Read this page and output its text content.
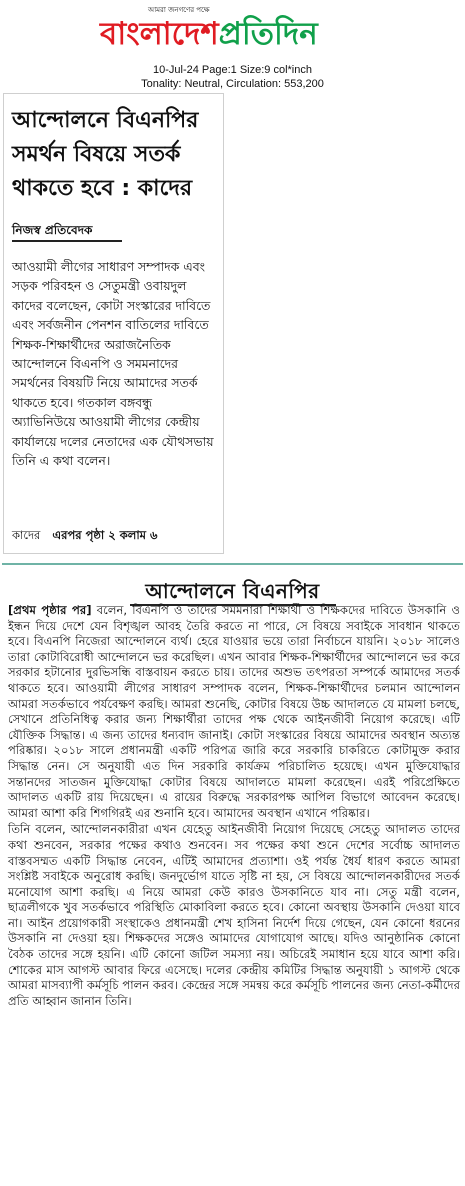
আমরা জনগণের পক্ষে
বাংলাদেশপ্রতিদিন
10-Jul-24 Page:1 Size:9 col*inch
Tonality: Neutral, Circulation: 553,200
আন্দোলনে বিএনপির সমর্থন বিষয়ে সতর্ক থাকতে হবে : কাদের
নিজস্ব প্রতিবেদক
আওয়ামী লীগের সাধারণ সম্পাদক এবং সড়ক পরিবহন ও সেতুমন্ত্রী ওবায়দুল কাদের বলেছেন, কোটা সংস্কারের দাবিতে এবং সর্বজনীন পেনশন বাতিলের দাবিতে শিক্ষক-শিক্ষার্থীদের অরাজনৈতিক আন্দোলনে বিএনপি ও সমমনাদের সমর্থনের বিষয়টি নিয়ে আমাদের সতর্ক থাকতে হবে। গতকাল বঙ্গবন্ধু অ্যাভিনিউয়ে আওয়ামী লীগের কেন্দ্রীয় কার্যালয়ে দলের নেতাদের এক যৌথসভায় তিনি এ কথা বলেন।
কাদের এরপর পৃষ্ঠা ২ কলাম ৬
আন্দোলনে বিএনপির

[প্রথম পৃষ্ঠার পর] বলেন, বিএনপি ও তাদের সমমনারা শিক্ষার্থী ও শিক্ষকদের দাবিতে উসকানি ও ইন্ধন দিয়ে দেশে যেন বিশৃঙ্খল আবহ তৈরি করতে না পারে, সে বিষয়ে সবাইকে সাবধান থাকতে হবে। বিএনপি নিজেরা আন্দোলনে ব্যর্থ। হেরে যাওয়ার ভয়ে তারা নির্বাচনে যায়নি। ২০১৮ সালেও তারা কোটাবিরোধী আন্দোলনে ভর করেছিল। এখন আবার শিক্ষক-শিক্ষার্থীদের আন্দোলনে ভর করে সরকার হটানোর দুরভিসন্ধি বাস্তবায়ন করতে চায়। তাদের অশুভ তৎপরতা সম্পর্কে আমাদের সতর্ক থাকতে হবে। আওয়ামী লীগের সাধারণ সম্পাদক বলেন, শিক্ষক-শিক্ষার্থীদের চলমান আন্দোলন আমরা সতর্কভাবে পর্যবেক্ষণ করছি। আমরা শুনেছি, কোটার বিষয়ে উচ্চ আদালতে যে মামলা চলছে, সেখানে প্রতিনিধিত্ব করার জন্য শিক্ষার্থীরা তাদের পক্ষ থেকে আইনজীবী নিয়োগ করেছে। এটি যৌক্তিক সিদ্ধান্ত। এ জন্য তাদের ধন্যবাদ জানাই। কোটা সংস্কারের বিষয়ে আমাদের অবস্থান অত্যন্ত পরিষ্কার। ২০১৮ সালে প্রধানমন্ত্রী একটি পরিপত্র জারি করে সরকারি চাকরিতে কোটামুক্ত করার সিদ্ধান্ত নেন। সে অনুযায়ী এত দিন সরকারি কার্যক্রম পরিচালিত হয়েছে। এখন মুক্তিযোদ্ধার সন্তানদের সাতজন মুক্তিযোদ্ধা কোটার বিষয়ে আদালতে মামলা করেছেন। এরই পরিপ্রেক্ষিতে আদালত একটি রায় দিয়েছেন। এ রায়ের বিরুদ্ধে সরকারপক্ষ আপিল বিভাগে আবেদন করেছে। আমরা আশা করি শিগগিরই এর শুনানি হবে। আমাদের অবস্থান এখানে পরিষ্কার।

তিনি বলেন, আন্দোলনকারীরা এখন যেহেতু আইনজীবী নিয়োগ দিয়েছে সেহেতু আদালত তাদের কথা শুনবেন, সরকার পক্ষের কথাও শুনবেন। সব পক্ষের কথা শুনে দেশের সর্বোচ্চ আদালত বাস্তবসম্মত একটি সিদ্ধান্ত নেবেন, এটিই আমাদের প্রত্যাশা। ওই পর্যন্ত ধৈর্য ধারণ করতে আমরা সংশ্লিষ্ট সবাইকে অনুরোধ করছি। জনদুর্ভোগ যাতে সৃষ্টি না হয়, সে বিষয়ে আন্দোলনকারীদের সতর্ক মনোযোগ আশা করছি। এ নিয়ে আমরা কেউ কারও উসকানিতে যাব না। সেতু মন্ত্রী বলেন, ছাত্রলীগকে খুব সতর্কভাবে পরিস্থিতি মোকাবিলা করতে হবে। কোনো অবস্থায় উসকানি দেওয়া যাবে না। আইন প্রয়োগকারী সংস্থাকেও প্রধানমন্ত্রী শেখ হাসিনা নির্দেশ দিয়ে গেছেন, যেন কোনো ধরনের উসকানি না দেওয়া হয়। শিক্ষকদের সঙ্গেও আমাদের যোগাযোগ আছে। যদিও আনুষ্ঠানিক কোনো বৈঠক তাদের সঙ্গে হয়নি। এটি কোনো জটিল সমস্যা নয়। অচিরেই সমাধান হয়ে যাবে আশা করি। শোকের মাস আগস্ট আবার ফিরে এসেছে। দলের কেন্দ্রীয় কমিটির সিদ্ধান্ত অনুযায়ী ১ আগস্ট থেকে আমরা মাসব্যাপী কর্মসূচি পালন করব। কেন্দ্রের সঙ্গে সমন্বয় করে কর্মসূচি পালনের জন্য নেতা-কর্মীদের প্রতি আহ্বান জানান তিনি।
